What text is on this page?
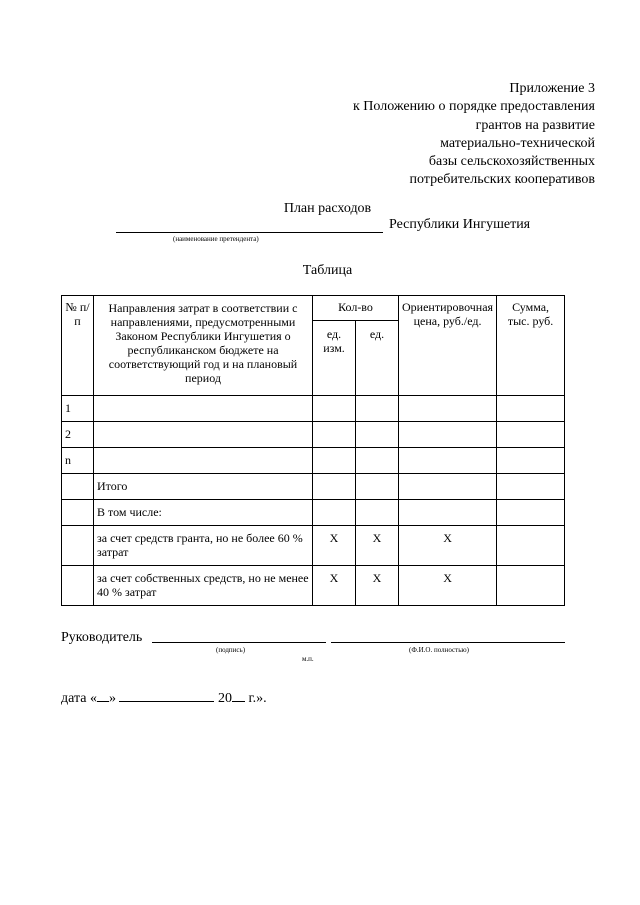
Приложение 3
к Положению о порядке предоставления
грантов на развитие
материально-технической
базы сельскохозяйственных
потребительских кооперативов
План расходов
Республики Ингушетия
(наименование претендента)
Таблица
№ п/п	Направления затрат в соответствии с направлениями, предусмотренными Законом Республики Ингушетия о республиканском бюджете на соответствующий год и на плановый период	Кол-во		Ориентировочная цена, руб./ед.	Сумма, тыс. руб.
		ед. изм.	ед.		
1					
2					
n					
	Итого				
	В том числе:				
	за счет средств гранта, но не более 60 % затрат	X	X	X	
	за счет собственных средств, но не менее 40 % затрат	X	X	X	
Руководитель
(подпись)	(Ф.И.О. полностью)
м.п.
дата « »	20 г.».
